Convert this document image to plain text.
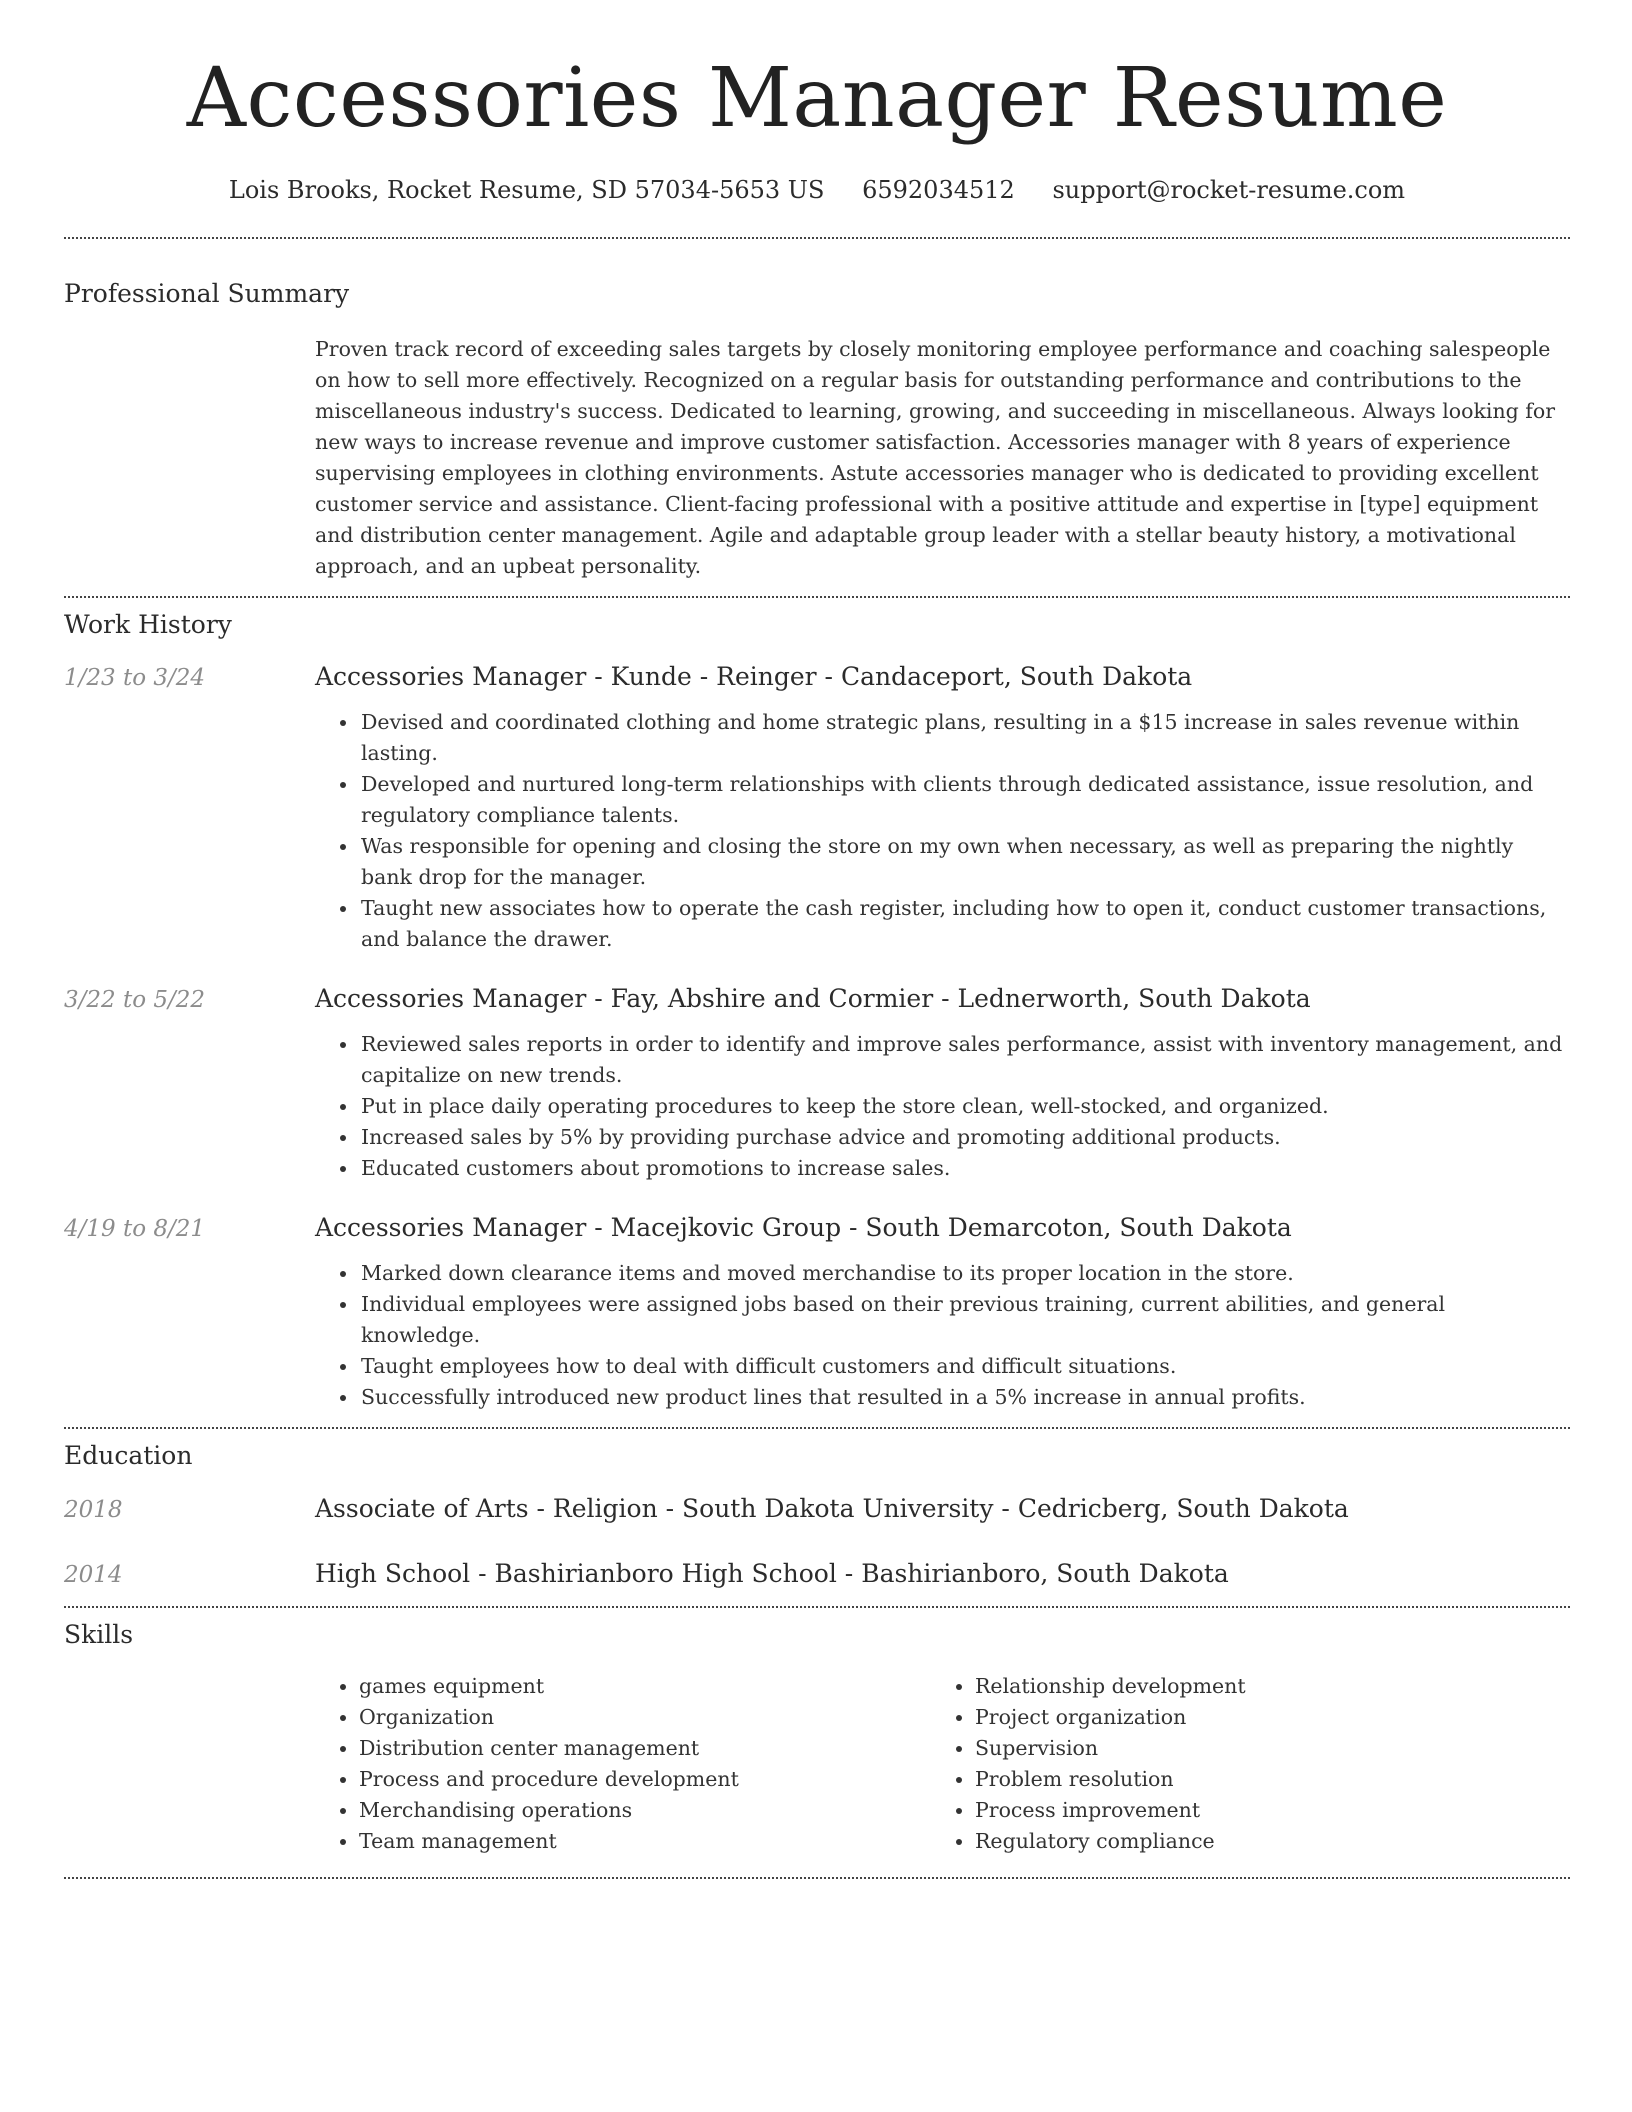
Accessories Manager Resume
Lois Brooks, Rocket Resume, SD 57034-5653 US 6592034512 support@rocket-resume.com
Professional Summary
Proven track record of exceeding sales targets by closely monitoring employee performance and coaching salespeople on how to sell more effectively. Recognized on a regular basis for outstanding performance and contributions to the miscellaneous industry's success. Dedicated to learning, growing, and succeeding in miscellaneous. Always looking for new ways to increase revenue and improve customer satisfaction. Accessories manager with 8 years of experience supervising employees in clothing environments. Astute accessories manager who is dedicated to providing excellent customer service and assistance. Client-facing professional with a positive attitude and expertise in [type] equipment and distribution center management. Agile and adaptable group leader with a stellar beauty history, a motivational approach, and an upbeat personality.
Work History
1/23 to 3/24	Accessories Manager - Kunde - Reinger - Candaceport, South Dakota
• Devised and coordinated clothing and home strategic plans, resulting in a $15 increase in sales revenue within lasting.
• Developed and nurtured long-term relationships with clients through dedicated assistance, issue resolution, and regulatory compliance talents.
• Was responsible for opening and closing the store on my own when necessary, as well as preparing the nightly bank drop for the manager.
• Taught new associates how to operate the cash register, including how to open it, conduct customer transactions, and balance the drawer.
3/22 to 5/22	Accessories Manager - Fay, Abshire and Cormier - Lednerworth, South Dakota
• Reviewed sales reports in order to identify and improve sales performance, assist with inventory management, and capitalize on new trends.
• Put in place daily operating procedures to keep the store clean, well-stocked, and organized.
• Increased sales by 5% by providing purchase advice and promoting additional products.
• Educated customers about promotions to increase sales.
4/19 to 8/21	Accessories Manager - Macejkovic Group - South Demarcoton, South Dakota
• Marked down clearance items and moved merchandise to its proper location in the store.
• Individual employees were assigned jobs based on their previous training, current abilities, and general knowledge.
• Taught employees how to deal with difficult customers and difficult situations.
• Successfully introduced new product lines that resulted in a 5% increase in annual profits.
Education
2018	Associate of Arts - Religion - South Dakota University - Cedricberg, South Dakota
2014	High School - Bashirianboro High School - Bashirianboro, South Dakota
Skills
• games equipment
• Organization
• Distribution center management
• Process and procedure development
• Merchandising operations
• Team management
• Relationship development
• Project organization
• Supervision
• Problem resolution
• Process improvement
• Regulatory compliance
